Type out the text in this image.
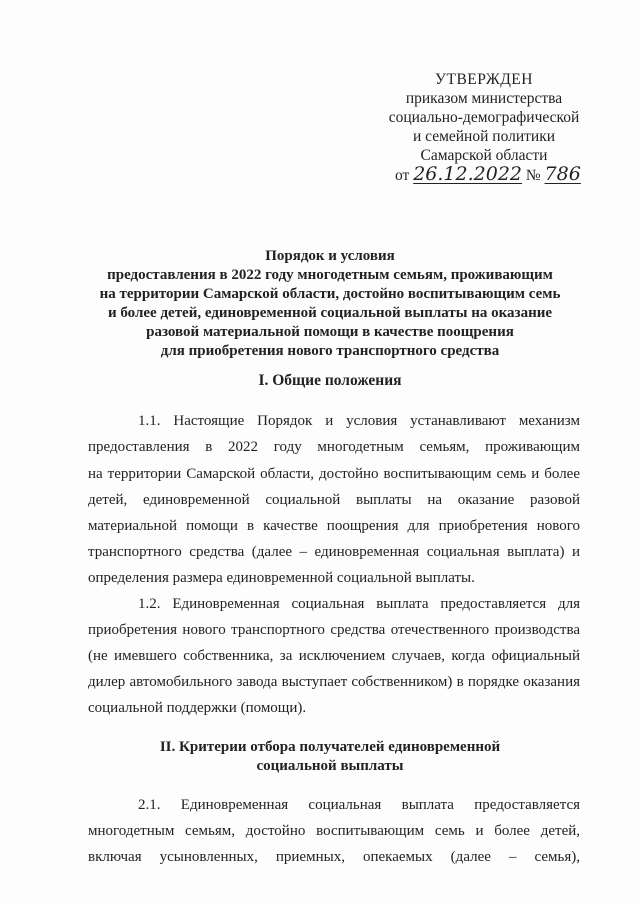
УТВЕРЖДЕН
приказом министерства
социально-демографической
и семейной политики
Самарской области
от 26.12.2022 № 786
Порядок и условия
предоставления в 2022 году многодетным семьям, проживающим
на территории Самарской области, достойно воспитывающим семь
и более детей, единовременной социальной выплаты на оказание
разовой материальной помощи в качестве поощрения
для приобретения нового транспортного средства
I. Общие положения
1.1. Настоящие Порядок и условия устанавливают механизм
предоставления в 2022 году многодетным семьям, проживающим
на территории Самарской области, достойно воспитывающим семь и более
детей, единовременной социальной выплаты на оказание разовой
материальной помощи в качестве поощрения для приобретения нового
транспортного средства (далее – единовременная социальная выплата) и
определения размера единовременной социальной выплаты.
1.2. Единовременная социальная выплата предоставляется для
приобретения нового транспортного средства отечественного производства
(не имевшего собственника, за исключением случаев, когда официальный
дилер автомобильного завода выступает собственником) в порядке оказания
социальной поддержки (помощи).
II. Критерии отбора получателей единовременной
социальной выплаты
2.1. Единовременная социальная выплата предоставляется
многодетным семьям, достойно воспитывающим семь и более детей,
включая усыновленных, приемных, опекаемых (далее – семья),
